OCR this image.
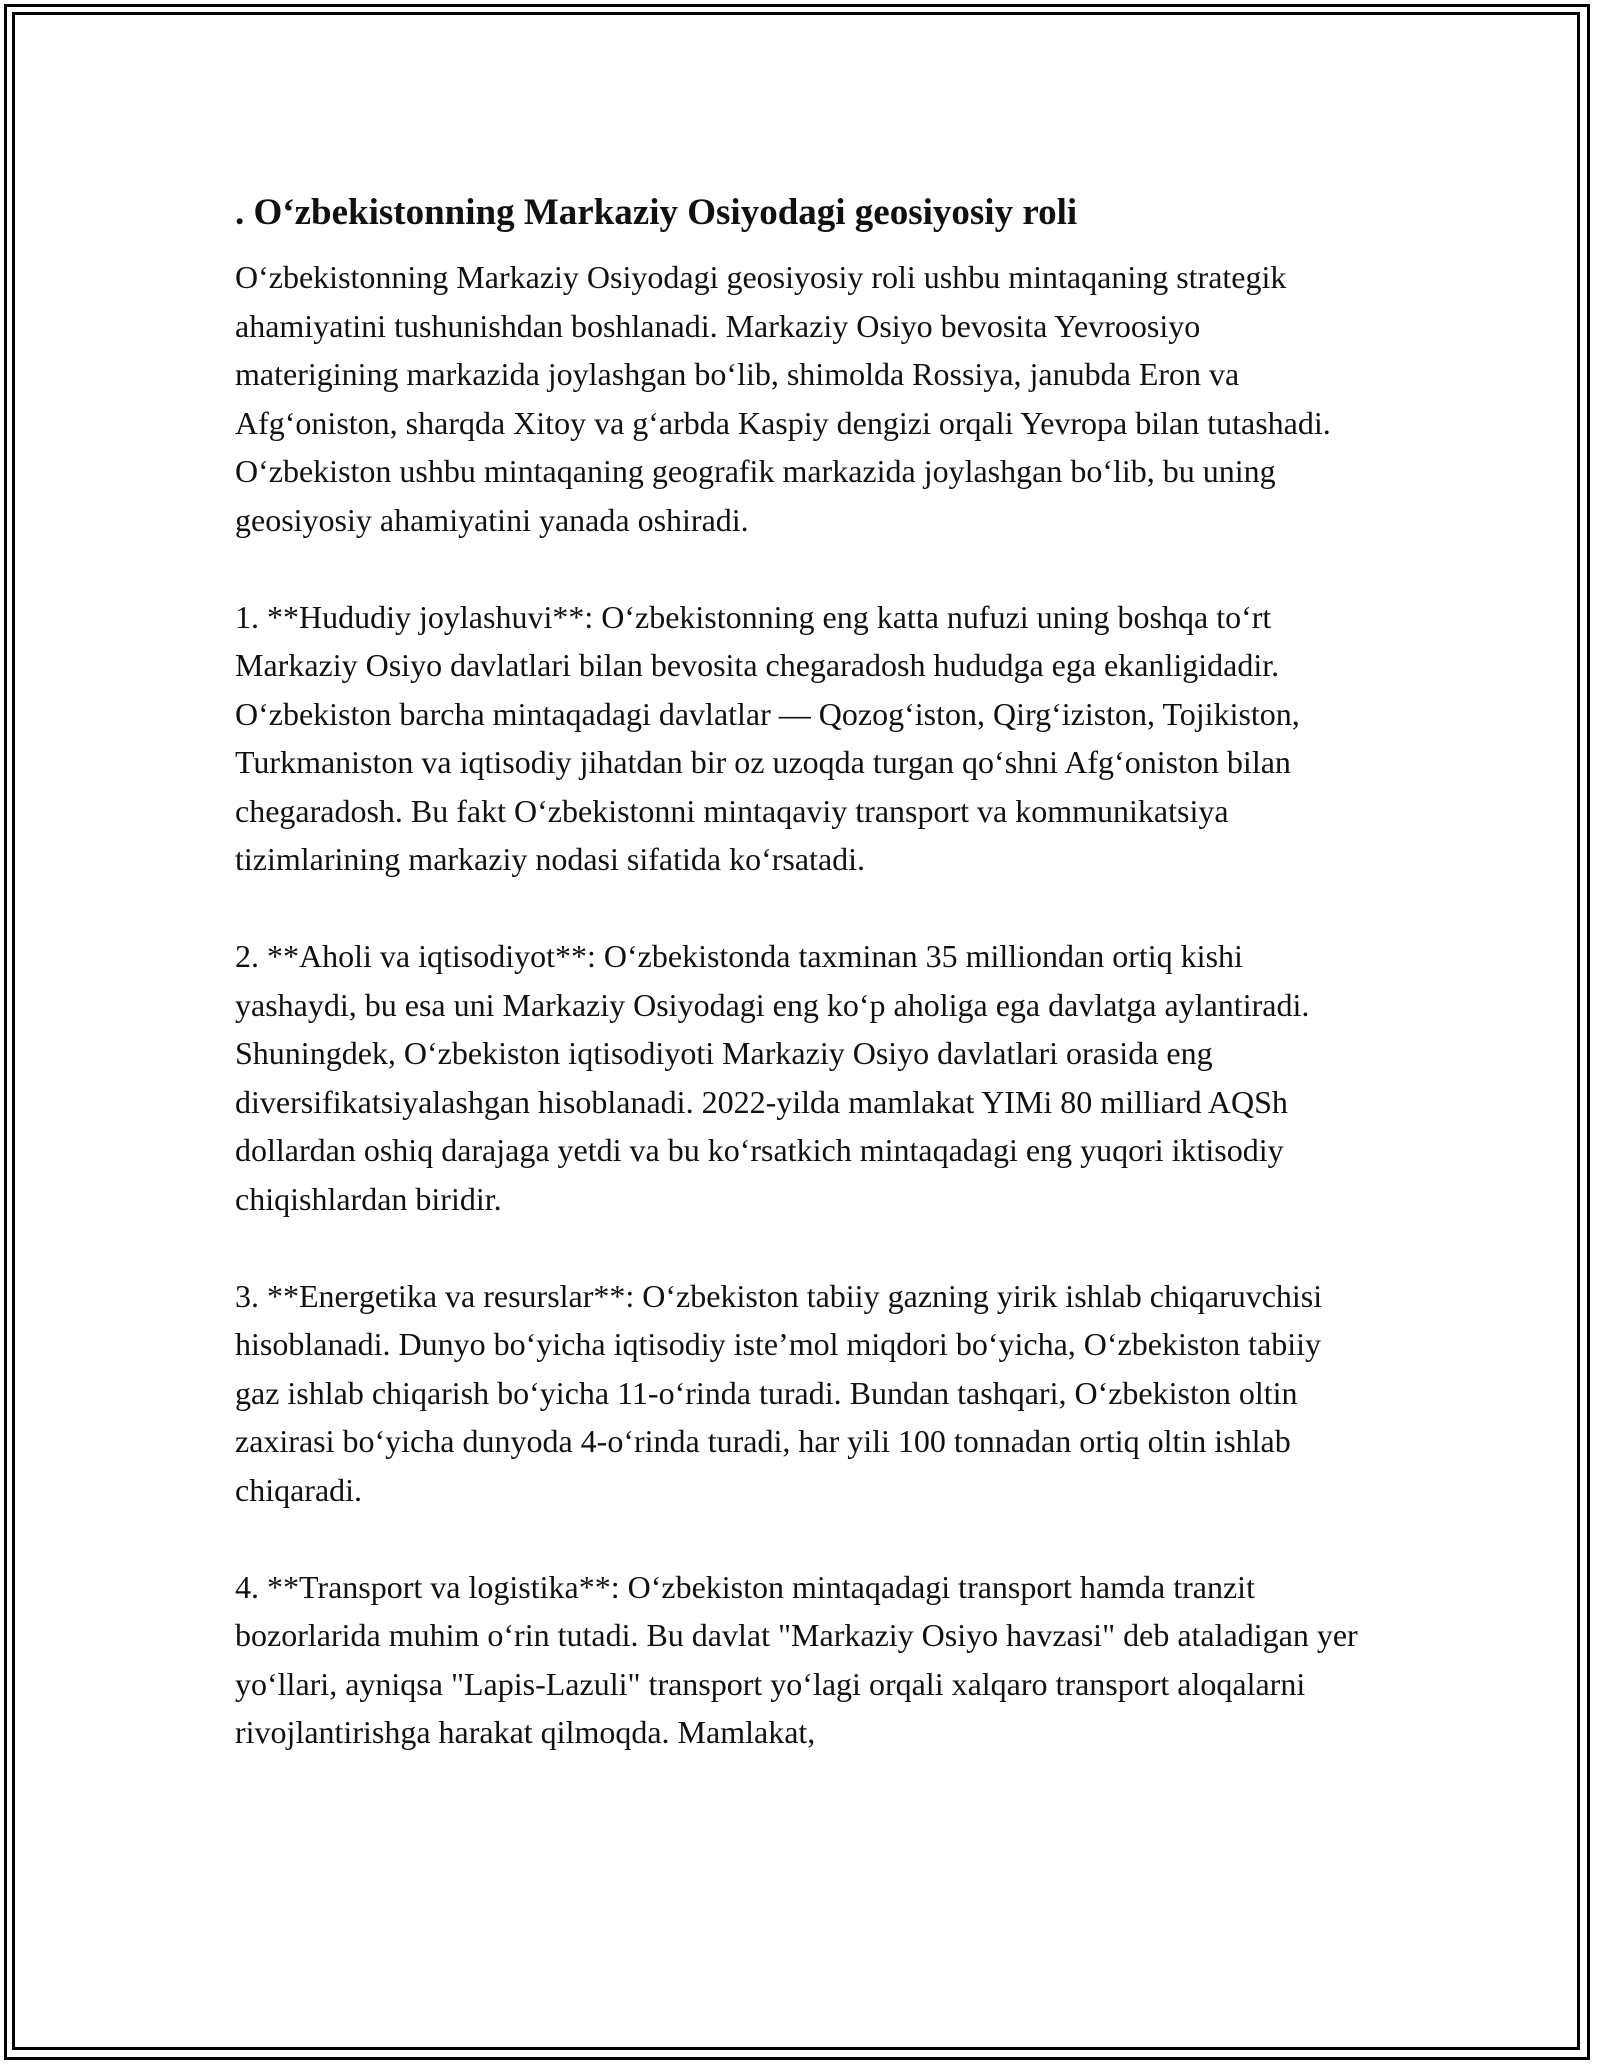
. O‘zbekistonning Markaziy Osiyodagi geosiyosiy roli

O‘zbekistonning Markaziy Osiyodagi geosiyosiy roli ushbu mintaqaning strategik ahamiyatini tushunishdan boshlanadi. Markaziy Osiyo bevosita Yevroosiyo materigining markazida joylashgan bo‘lib, shimolda Rossiya, janubda Eron va Afg‘oniston, sharqda Xitoy va g‘arbda Kaspiy dengizi orqali Yevropa bilan tutashadi. O‘zbekiston ushbu mintaqaning geografik markazida joylashgan bo‘lib, bu uning geosiyosiy ahamiyatini yanada oshiradi.

1. **Hududiy joylashuvi**: O‘zbekistonning eng katta nufuzi uning boshqa to‘rt Markaziy Osiyo davlatlari bilan bevosita chegaradosh hududga ega ekanligidadir. O‘zbekiston barcha mintaqadagi davlatlar — Qozog‘iston, Qirg‘iziston, Tojikiston, Turkmaniston va iqtisodiy jihatdan bir oz uzoqda turgan qo‘shni Afg‘oniston bilan chegaradosh. Bu fakt O‘zbekistonni mintaqaviy transport va kommunikatsiya tizimlarining markaziy nodasi sifatida ko‘rsatadi.

2. **Aholi va iqtisodiyot**: O‘zbekistonda taxminan 35 milliondan ortiq kishi yashaydi, bu esa uni Markaziy Osiyodagi eng ko‘p aholiga ega davlatga aylantiradi. Shuningdek, O‘zbekiston iqtisodiyoti Markaziy Osiyo davlatlari orasida eng diversifikatsiyalashgan hisoblanadi. 2022-yilda mamlakat YIMi 80 milliard AQSh dollardan oshiq darajaga yetdi va bu ko‘rsatkich mintaqadagi eng yuqori iktisodiy chiqishlardan biridir.

3. **Energetika va resurslar**: O‘zbekiston tabiiy gazning yirik ishlab chiqaruvchisi hisoblanadi. Dunyo bo‘yicha iqtisodiy iste’mol miqdori bo‘yicha, O‘zbekiston tabiiy gaz ishlab chiqarish bo‘yicha 11-o‘rinda turadi. Bundan tashqari, O‘zbekiston oltin zaxirasi bo‘yicha dunyoda 4-o‘rinda turadi, har yili 100 tonnadan ortiq oltin ishlab chiqaradi.

4. **Transport va logistika**: O‘zbekiston mintaqadagi transport hamda tranzit bozorlarida muhim o‘rin tutadi. Bu davlat "Markaziy Osiyo havzasi" deb ataladigan yer yo‘llari, ayniqsa "Lapis-Lazuli" transport yo‘lagi orqali xalqaro transport aloqalarni rivojlantirishga harakat qilmoqda. Mamlakat,
